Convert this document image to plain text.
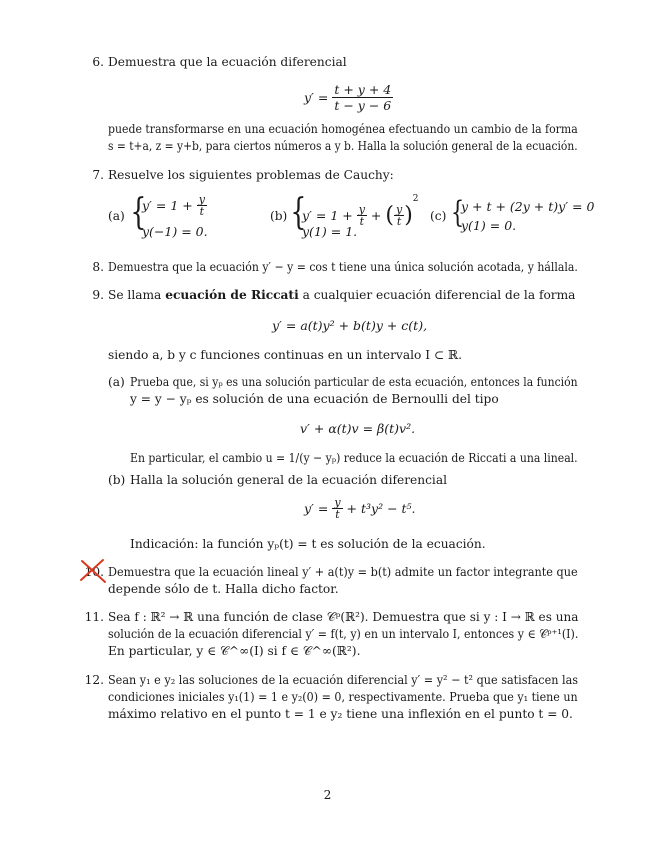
6. Demuestra que la ecuación diferencial
$y' = \frac{t + y + 4}{t - y - 6}$
puede transformarse en una ecuación homogénea efectuando un cambio de la forma
s = t+a, z = y+b, para ciertos números a y b. Halla la solución general de la ecuación.
7. Resuelve los siguientes problemas de Cauchy:
(a) {
$y' = 1 + \frac{y}{t}$
y(−1) = 0.
(b) {
$y' = 1 + \frac{y}{t}$ + ( $\frac{y}{t} )^2$
y(1) = 1.
(c) {
y + t + (2y + t)y′ = 0
y(1) = 0.
8. Demuestra que la ecuación y′ − y = cos t tiene una única solución acotada, y hállala.
9. Se llama ecuación de Riccati a cualquier ecuación diferencial de la forma
y′ = a(t)y² + b(t)y + c(t),
siendo a, b y c funciones continuas en un intervalo I ⊂ ℝ.
(a) Prueba que, si yₚ es una solución particular de esta ecuación, entonces la función
y = y − yₚ es solución de una ecuación de Bernoulli del tipo
v′ + α(t)v = β(t)v².
En particular, el cambio u = 1/(y − yₚ) reduce la ecuación de Riccati a una lineal.
(b) Halla la solución general de la ecuación diferencial
$y' = \frac{y}{t} + t^3y^2 - t^5$.
Indicación: la función yₚ(t) = t es solución de la ecuación.
10. Demuestra que la ecuación lineal y′ + a(t)y = b(t) admite un factor integrante que
depende sólo de t. Halla dicho factor.
11. Sea f : ℝ² → ℝ una función de clase 𝒞ᵖ(ℝ²). Demuestra que si y : I → ℝ es una
solución de la ecuación diferencial y′ = f(t, y) en un intervalo I, entonces y ∈ 𝒞ᵖ⁺¹(I).
En particular, y ∈ 𝒞^∞(I) si f ∈ 𝒞^∞(ℝ²).
12. Sean y₁ e y₂ las soluciones de la ecuación diferencial y′ = y² − t² que satisfacen las
condiciones iniciales y₁(1) = 1 e y₂(0) = 0, respectivamente. Prueba que y₁ tiene un
máximo relativo en el punto t = 1 e y₂ tiene una inflexión en el punto t = 0.
2
